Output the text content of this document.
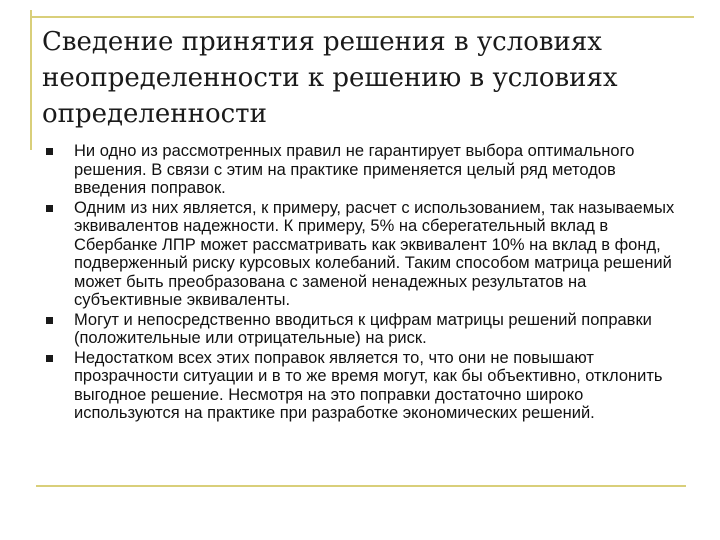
Сведение принятия решения в условиях неопределенности к решению в условиях определенности
Ни одно из рассмотренных правил не гарантирует выбора оптимального решения. В связи с этим на практике применяется целый ряд методов введения поправок.
Одним из них является, к примеру, расчет с использованием, так называемых эквивалентов надежности. К примеру, 5% на сберегательный вклад в Сбербанке ЛПР может рассматривать как эквивалент 10% на вклад в фонд, подверженный риску курсовых колебаний. Таким способом матрица решений может быть преобразована с заменой ненадежных результатов на субъективные эквиваленты.
Могут и непосредственно вводиться к цифрам матрицы решений поправки (положительные или отрицательные) на риск.
Недостатком всех этих поправок является то, что они не повышают прозрачности ситуации и в то же время могут, как бы объективно, отклонить выгодное решение. Несмотря на это поправки достаточно широко используются на практике при разработке экономических решений.
